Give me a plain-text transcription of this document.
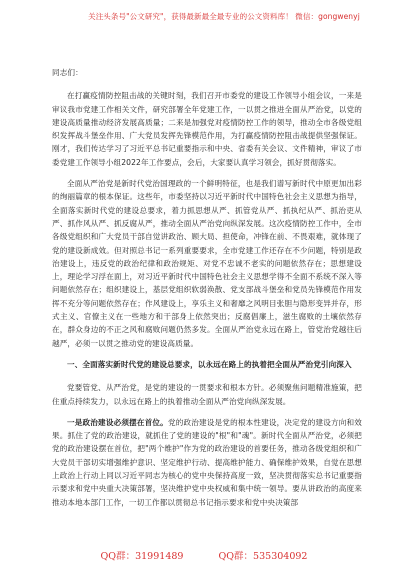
关注头条号"公文研究"，获得最新最全最专业的公文资料库！ 微信：gongwenyj

同志们：

在打赢疫情防控阻击战的关键时刻，我们召开市委党的建设工作领导小组会议，一来是审议我市党建工作相关文件，研究部署全年党建工作，一以贯之推进全面从严治党，以党的建设高质量推动经济发展高质量；二来是加强党对疫情防控工作的领导，推动全市各级党组织发挥战斗堡垒作用、广大党员发挥先锋模范作用，为打赢疫情防控阻击战提供坚强保证。刚才，我们传达学习了习近平总书记重要指示和中央、省委有关会议、文件精神，审议了市委党建工作领导小组2022年工作要点，会后，大家要认真学习领会，抓好贯彻落实。

全面从严治党是新时代党治国理政的一个鲜明特征，也是我们谱写新时代中原更加出彩的绚丽篇章的根本保证。这些年，市委坚持以习近平新时代中国特色社会主义思想为指导，全面落实新时代党的建设总要求，着力抓思想从严、抓管党从严、抓执纪从严、抓治吏从严、抓作风从严、抓反腐从严，推动全面从严治党向纵深发展。这次疫情防控工作中，全市各级党组织和广大党员干部自觉讲政治、顾大局、担使命，冲锋在前、不畏艰难，就体现了党的建设新成效。但对照总书记一系列重要要求，全市党建工作还存在不少问题，特别是政治建设上，违反党的政治纪律和政治规矩、对党不忠诚不老实的问题依然存在；思想建设上，理论学习浮在面上，对习近平新时代中国特色社会主义思想学得不全面不系统不深入等问题依然存在；组织建设上，基层党组织软弱涣散、党支部战斗堡垒和党员先锋模范作用发挥不充分等问题依然存在；作风建设上，享乐主义和奢靡之风明目张胆与隐形变异并存，形式主义、官僚主义在一些地方和干部身上依然突出；反腐倡廉上，滋生腐败的土壤依然存在，群众身边的不正之风和腐败问题仍然多发。全面从严治党永远在路上，管党治党越往后越严，必须一以贯之推动党的建设高质量。

一、全面落实新时代党的建设总要求，以永远在路上的执着把全面从严治党引向深入

党要管党、从严治党，是党的建设的一贯要求和根本方针。必须聚焦问题精准施策，把住重点持续发力，以永远在路上的执着推动全面从严治党向纵深发展。

一是政治建设必须摆在首位。党的政治建设是党的根本性建设，决定党的建设方向和效果。抓住了党的政治建设，就抓住了党的建设的"根"和"魂"。新时代全面从严治党，必须把党的政治建设摆在首位，把"两个维护"作为党的政治建设的首要任务，推动各级党组织和广大党员干部切实增强维护意识、坚定维护行动、提高维护能力、确保维护效果，自觉在思想上政治上行动上同以习近平同志为核心的党中央保持高度一致，坚决贯彻落实总书记重要指示要求和党中央重大决策部署，坚决维护党中央权威和集中统一领导。要从讲政治的高度来推动本地本部门工作，一切工作都以贯彻总书记指示要求和党中央决策部

QQ群：31991489	QQ群：535304092
